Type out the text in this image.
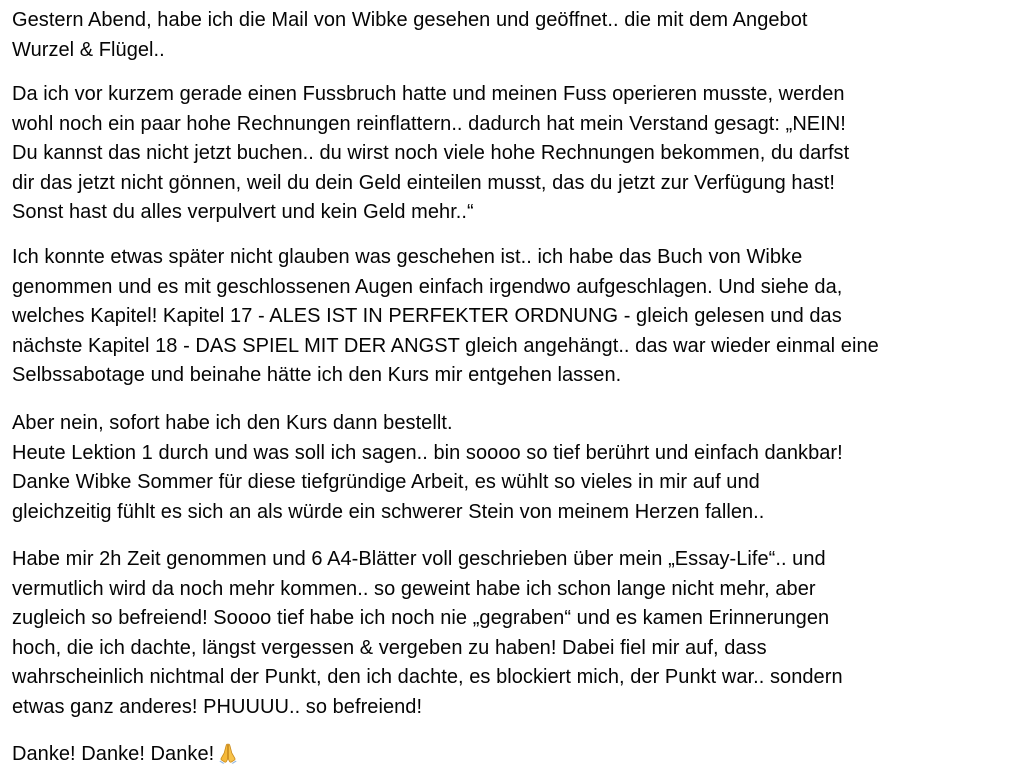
Gestern Abend, habe ich die Mail von Wibke gesehen und geöffnet.. die mit dem Angebot
Wurzel & Flügel..

Da ich vor kurzem gerade einen Fussbruch hatte und meinen Fuss operieren musste, werden
wohl noch ein paar hohe Rechnungen reinflattern.. dadurch hat mein Verstand gesagt: „NEIN!
Du kannst das nicht jetzt buchen.. du wirst noch viele hohe Rechnungen bekommen, du darfst
dir das jetzt nicht gönnen, weil du dein Geld einteilen musst, das du jetzt zur Verfügung hast!
Sonst hast du alles verpulvert und kein Geld mehr..“

Ich konnte etwas später nicht glauben was geschehen ist.. ich habe das Buch von Wibke
genommen und es mit geschlossenen Augen einfach irgendwo aufgeschlagen. Und siehe da,
welches Kapitel! Kapitel 17 - ALES IST IN PERFEKTER ORDNUNG - gleich gelesen und das
nächste Kapitel 18 - DAS SPIEL MIT DER ANGST gleich angehängt.. das war wieder einmal eine
Selbssabotage und beinahe hätte ich den Kurs mir entgehen lassen.

Aber nein, sofort habe ich den Kurs dann bestellt.
Heute Lektion 1 durch und was soll ich sagen.. bin soooo so tief berührt und einfach dankbar!
Danke Wibke Sommer für diese tiefgründige Arbeit, es wühlt so vieles in mir auf und
gleichzeitig fühlt es sich an als würde ein schwerer Stein von meinem Herzen fallen..

Habe mir 2h Zeit genommen und 6 A4-Blätter voll geschrieben über mein „Essay-Life“.. und
vermutlich wird da noch mehr kommen.. so geweint habe ich schon lange nicht mehr, aber
zugleich so befreiend! Soooo tief habe ich noch nie „gegraben“ und es kamen Erinnerungen
hoch, die ich dachte, längst vergessen & vergeben zu haben! Dabei fiel mir auf, dass
wahrscheinlich nichtmal der Punkt, den ich dachte, es blockiert mich, der Punkt war.. sondern
etwas ganz anderes! PHUUUU.. so befreiend!

Danke! Danke! Danke!
